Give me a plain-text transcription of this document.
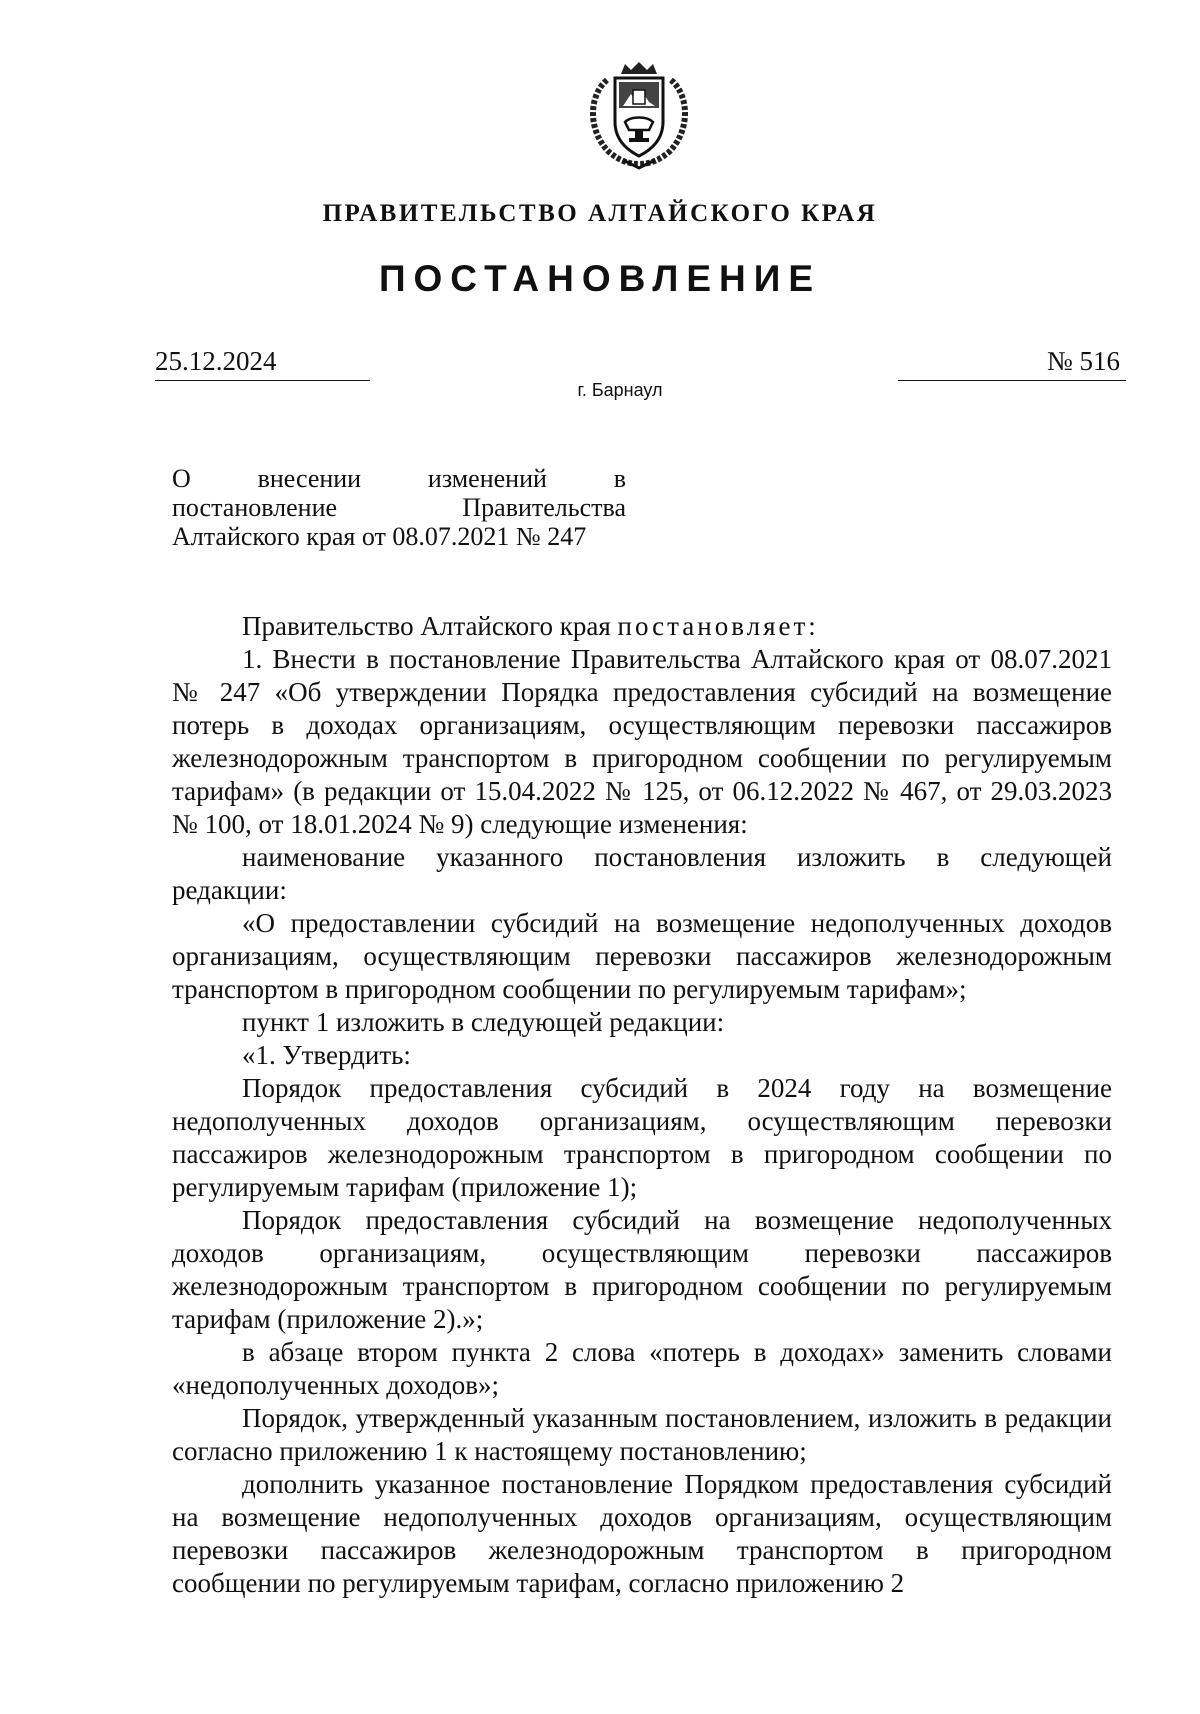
ПРАВИТЕЛЬСТВО АЛТАЙСКОГО КРАЯ
ПОСТАНОВЛЕНИЕ
25.12.2024	№ 516
г. Барнаул
О внесении изменений в
постановление Правительства
Алтайского края от 08.07.2021 № 247
Правительство Алтайского края постановляет:

1. Внести в постановление Правительства Алтайского края от 08.07.2021 № 247 «Об утверждении Порядка предоставления субсидий на возмещение потерь в доходах организациям, осуществляющим перевозки пассажиров железнодорожным транспортом в пригородном сообщении по регулируемым тарифам» (в редакции от 15.04.2022 № 125, от 06.12.2022 № 467, от 29.03.2023 № 100, от 18.01.2024 № 9) следующие изменения:

наименование указанного постановления изложить в следующей редакции:

«О предоставлении субсидий на возмещение недополученных доходов организациям, осуществляющим перевозки пассажиров железнодорожным транспортом в пригородном сообщении по регулируемым тарифам»;

пункт 1 изложить в следующей редакции:

«1. Утвердить:

Порядок предоставления субсидий в 2024 году на возмещение недополученных доходов организациям, осуществляющим перевозки пассажиров железнодорожным транспортом в пригородном сообщении по регулируемым тарифам (приложение 1);

Порядок предоставления субсидий на возмещение недополученных доходов организациям, осуществляющим перевозки пассажиров железнодорожным транспортом в пригородном сообщении по регулируемым тарифам (приложение 2).»;

в абзаце втором пункта 2 слова «потерь в доходах» заменить словами «недополученных доходов»;

Порядок, утвержденный указанным постановлением, изложить в редакции согласно приложению 1 к настоящему постановлению;

дополнить указанное постановление Порядком предоставления субсидий на возмещение недополученных доходов организациям, осуществляющим перевозки пассажиров железнодорожным транспортом в пригородном сообщении по регулируемым тарифам, согласно приложению 2
